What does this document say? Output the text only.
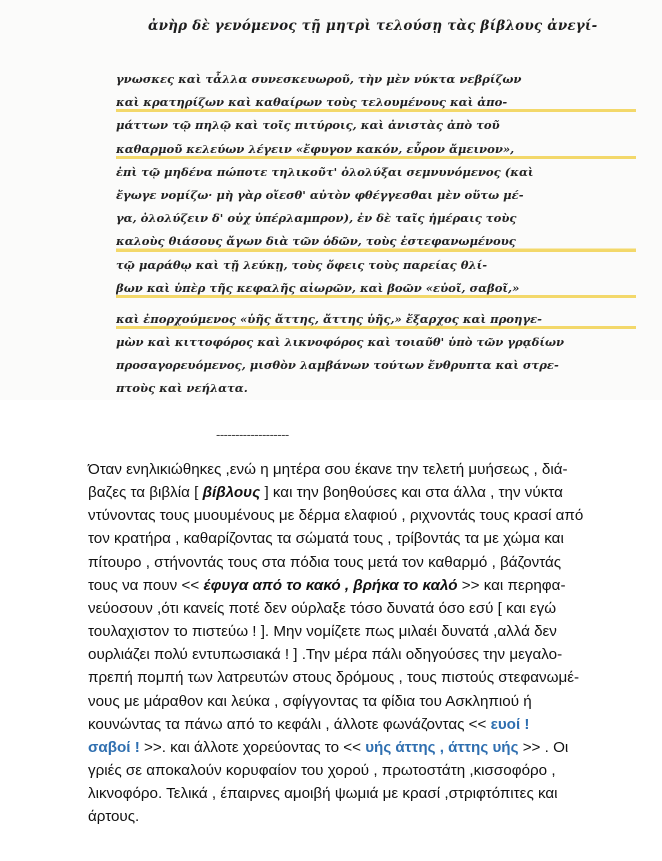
ἀνὴρ δὲ γενόμενος τῇ μητρὶ τελούσῃ τὰς βίβλους ἀνεγί-
γνωσκες καὶ τἆλλα συνεσκευωροῦ, τὴν μὲν νύκτα νεβρίζων
καὶ κρατηρίζων καὶ καθαίρων τοὺς τελουμένους καὶ ἀπο-
μάττων τῷ πηλῷ καὶ τοῖς πιτύροις, καὶ ἀνιστὰς ἀπὸ τοῦ
καθαρμοῦ κελεύων λέγειν «ἔφυγον κακόν, εὗρον ἄμεινον»,
ἐπὶ τῷ μηδένα πώποτε τηλικοῦτ' ὀλολύξαι σεμνυνόμενος (καὶ
ἔγωγε νομίζω· μὴ γὰρ οἴεσθ' αὐτὸν φθέγγεσθαι μὲν οὕτω μέ-
γα, ὀλολύζειν δ' οὐχ ὑπέρλαμπρον), ἐν δὲ ταῖς ἡμέραις τοὺς
καλοὺς θιάσους ἄγων διὰ τῶν ὁδῶν, τοὺς ἐστεφανωμένους
τῷ μαράθῳ καὶ τῇ λεύκῃ, τοὺς ὄφεις τοὺς παρείας θλί-
βων καὶ ὑπὲρ τῆς κεφαλῆς αἰωρῶν, καὶ βοῶν «εὐοῖ, σαβοῖ,»
καὶ ἐπορχούμενος «ὑῆς ἄττης, ἄττης ὑῆς,» ἔξαρχος καὶ προηγε-
μὼν καὶ κιττοφόρος καὶ λικνοφόρος καὶ τοιαῦθ' ὑπὸ τῶν γρᾳδίων
προσαγορευόμενος, μισθὸν λαμβάνων τούτων ἔνθρυπτα καὶ στρε-
πτοὺς καὶ νεήλατα.
-------------------
Όταν ενηλικιώθηκες ,ενώ η μητέρα σου έκανε την τελετή μυήσεως , διά-
βαζες τα βιβλία [ βίβλους ] και την βοηθούσες και στα άλλα , την νύκτα
ντύνοντας τους μυουμένους με δέρμα ελαφιού , ριχνοντάς τους κρασί από
τον κρατήρα , καθαρίζοντας τα σώματά τους , τρίβοντάς τα με χώμα και
πίτουρο , στήνοντάς τους στα πόδια τους μετά τον καθαρμό , βάζοντάς
τους να πουν << έφυγα από το κακό , βρήκα το καλό >> και περηφα-
νεύοσουν ,ότι κανείς ποτέ δεν ούρλαξε τόσο δυνατά όσο εσύ [ και εγώ
τουλαχιστον το πιστεύω ! ]. Μην νομίζετε πως μιλαέι δυνατά ,αλλά δεν
ουρλιάζει πολύ εντυπωσιακά ! ] .Την μέρα πάλι οδηγούσες την μεγαλο-
πρεπή πομπή των λατρευτών στους δρόμους , τους πιστούς στεφανωμέ-
νους με μάραθον και λεύκα , σφίγγοντας τα φίδια του Ασκληπιού ή
κουνώντας τα πάνω από το κεφάλι , άλλοτε φωνάζοντας << ευοί !
σαβοί ! >>. και άλλοτε χορεύοντας το << υής άττης , άττης υής >> . Οι
γριές σε αποκαλούν κορυφαίον του χορού , πρωτοστάτη ,κισσοφόρο ,
λικνοφόρο. Τελικά , έπαιρνες αμοιβή ψωμιά με κρασί ,στριφτόπιτες και
άρτους.
